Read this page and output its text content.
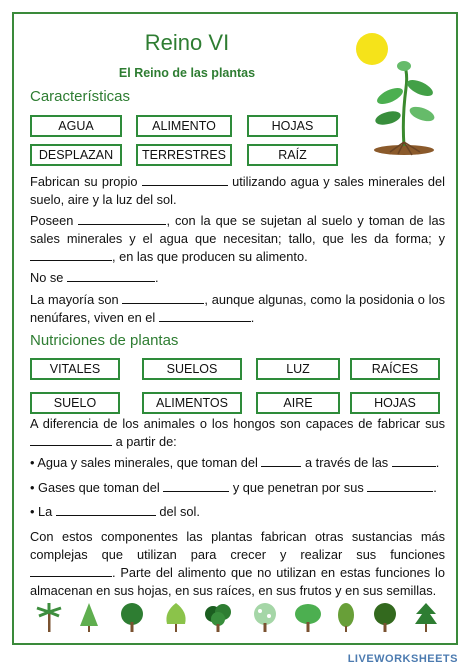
Reino VI
El Reino de las plantas
Características
AGUA	ALIMENTO	HOJAS
DESPLAZAN	TERRESTRES	RAÍZ
Fabrican su propio	utilizando agua y sales minerales del suelo, aire y la luz del sol.
Poseen	, con la que se sujetan al suelo y toman de las sales minerales y el agua que necesitan; tallo, que les da forma; y , en las que producen su alimento.
No se	.
La mayoría son	, aunque algunas, como la posidonia o los nenúfares, viven en el	.
Nutriciones de plantas
VITALES	SUELOS	LUZ	RAÍCES
SUELO	ALIMENTOS	AIRE	HOJAS
A diferencia de los animales o los hongos son capaces de fabricar sus  a partir de:
• Agua y sales minerales, que toman del	a través de las	.
• Gases que toman del	y que penetran por sus	.
• La	del sol.
Con estos componentes las plantas fabrican otras sustancias más complejas que utilizan para crecer y realizar sus funciones . Parte del alimento que no utilizan en estas funciones lo almacenan en sus hojas, en sus raíces, en sus frutos y en sus semillas.
LIVEWORKSHEETS
